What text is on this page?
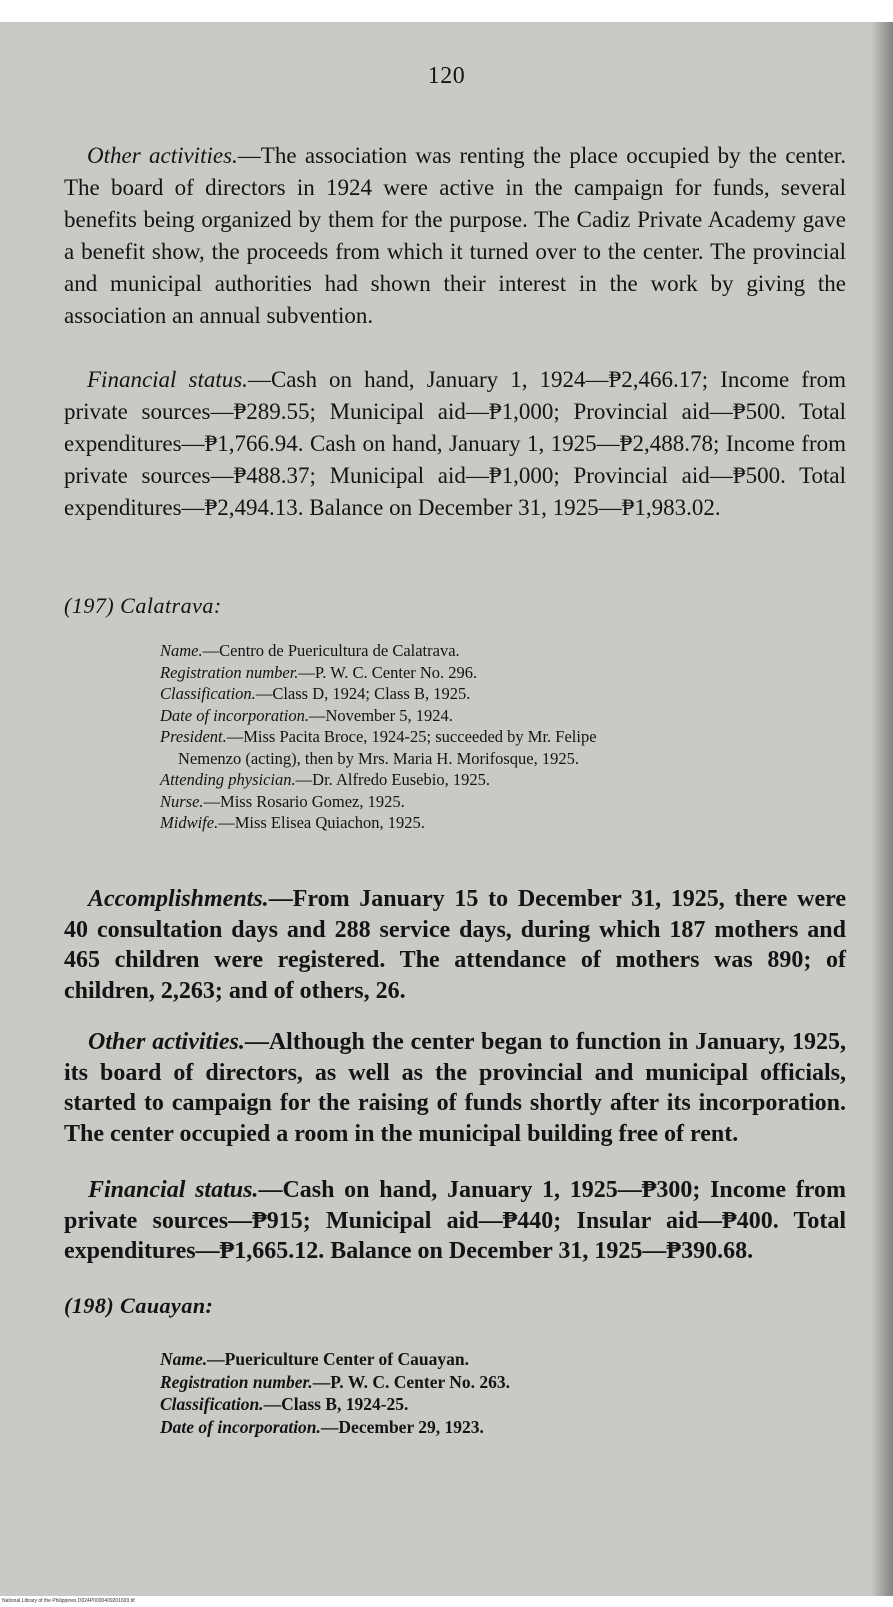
120

 Other activities.—The association was renting the place occupied by the center. The board of directors in 1924 were active in the campaign for funds, several benefits being organized by them for the purpose. The Cadiz Private Academy gave a benefit show, the proceeds from which it turned over to the center. The provincial and municipal authorities had shown their interest in the work by giving the association an annual subvention.

 Financial status.—Cash on hand, January 1, 1924—₱2,466.17; Income from private sources—₱289.55; Municipal aid—₱1,000; Provincial aid—₱500. Total expenditures—₱1,766.94. Cash on hand, January 1, 1925—₱2,488.78; Income from private sources—₱488.37; Municipal aid—₱1,000; Provincial aid—₱500. Total expenditures—₱2,494.13. Balance on December 31, 1925—₱1,983.02.

(197) Calatrava:
Name.—Centro de Puericultura de Calatrava.
Registration number.—P. W. C. Center No. 296.
Classification.—Class D, 1924; Class B, 1925.
Date of incorporation.—November 5, 1924.
President.—Miss Pacita Broce, 1924-25; succeeded by Mr. Felipe
Nemenzo (acting), then by Mrs. Maria H. Morifosque, 1925.
Attending physician.—Dr. Alfredo Eusebio, 1925.
Nurse.—Miss Rosario Gomez, 1925.
Midwife.—Miss Elisea Quiachon, 1925.

 Accomplishments.—From January 15 to December 31, 1925, there were 40 consultation days and 288 service days, during which 187 mothers and 465 children were registered. The attendance of mothers was 890; of children, 2,263; and of others, 26.

 Other activities.—Although the center began to function in January, 1925, its board of directors, as well as the provincial and municipal officials, started to campaign for the raising of funds shortly after its incorporation. The center occupied a room in the municipal building free of rent.

 Financial status.—Cash on hand, January 1, 1925—₱300; Income from private sources—₱915; Municipal aid—₱440; Insular aid—₱400. Total expenditures—₱1,665.12. Balance on December 31, 1925—₱390.68.

(198) Cauayan:
Name.—Puericulture Center of Cauayan.
Registration number.—P. W. C. Center No. 263.
Classification.—Class B, 1924-25.
Date of incorporation.—December 29, 1923.
National Library of the Philippines D024P0000409201693.tif
